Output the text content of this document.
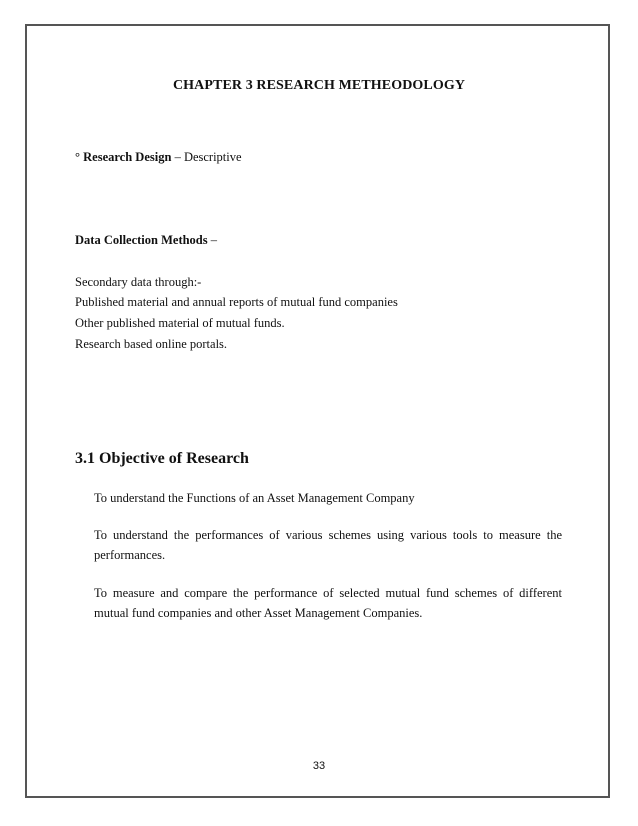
CHAPTER 3 RESEARCH METHEODOLOGY
° Research Design – Descriptive
Data Collection Methods –
Secondary data through:-
Published material and annual reports of mutual fund companies
Other published material of mutual funds.
Research based online portals.
3.1 Objective of Research
To understand the Functions of an Asset Management Company
To understand the performances of various schemes using various tools to measure the performances.
To measure and compare the performance of selected mutual fund schemes of different mutual fund companies and other Asset Management Companies.
33
